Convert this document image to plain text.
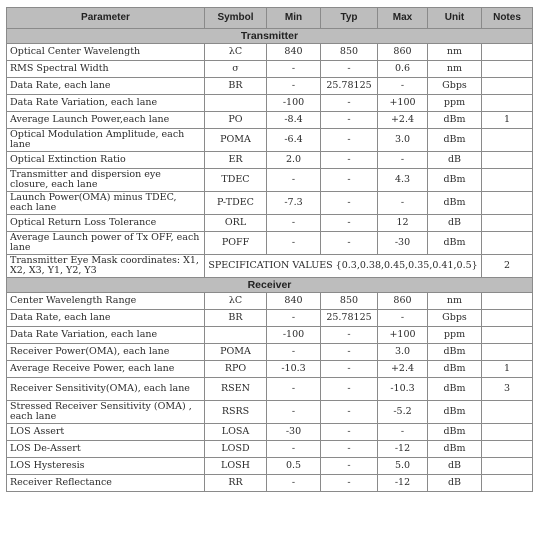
Parameter	Symbol	Min	Typ	Max	Unit	Notes
Transmitter						
Optical Center Wavelength	λC	840	850	860	nm	
RMS Spectral Width	σ	-	-	0.6	nm	
Data Rate, each lane	BR	-	25.78125	-	Gbps	
Data Rate Variation, each lane		-100	-	+100	ppm	
Average Launch Power,each lane	PO	-8.4	-	+2.4	dBm	1
Optical Modulation Amplitude, each lane	POMA	-6.4	-	3.0	dBm	
Optical Extinction Ratio	ER	2.0	-	-	dB	
Transmitter and dispersion eye closure, each lane	TDEC	-	-	4.3	dBm	
Launch Power(OMA) minus TDEC, each lane	P-TDEC	-7.3	-	-	dBm	
Optical Return Loss Tolerance	ORL	-	-	12	dB	
Average Launch power of Tx OFF, each lane	POFF	-	-	-30	dBm	
Transmitter Eye Mask coordinates: X1, X2, X3, Y1, Y2, Y3	SPECIFICATION VALUES {0.3,0.38,0.45,0.35,0.41,0.5}					2
Receiver						
Center Wavelength Range	λC	840	850	860	nm	
Data Rate, each lane	BR	-	25.78125	-	Gbps	
Data Rate Variation, each lane		-100	-	+100	ppm	
Receiver Power(OMA), each lane	POMA	-	-	3.0	dBm	
Average Receive Power, each lane	RPO	-10.3	-	+2.4	dBm	1
Receiver Sensitivity(OMA), each lane	RSEN	-	-	-10.3	dBm	3
Stressed Receiver Sensitivity (OMA) , each lane	RSRS	-	-	-5.2	dBm	
LOS Assert	LOSA	-30	-	-	dBm	
LOS De-Assert	LOSD	-	-	-12	dBm	
LOS Hysteresis	LOSH	0.5	-	5.0	dB	
Receiver Reflectance	RR	-	-	-12	dB	
